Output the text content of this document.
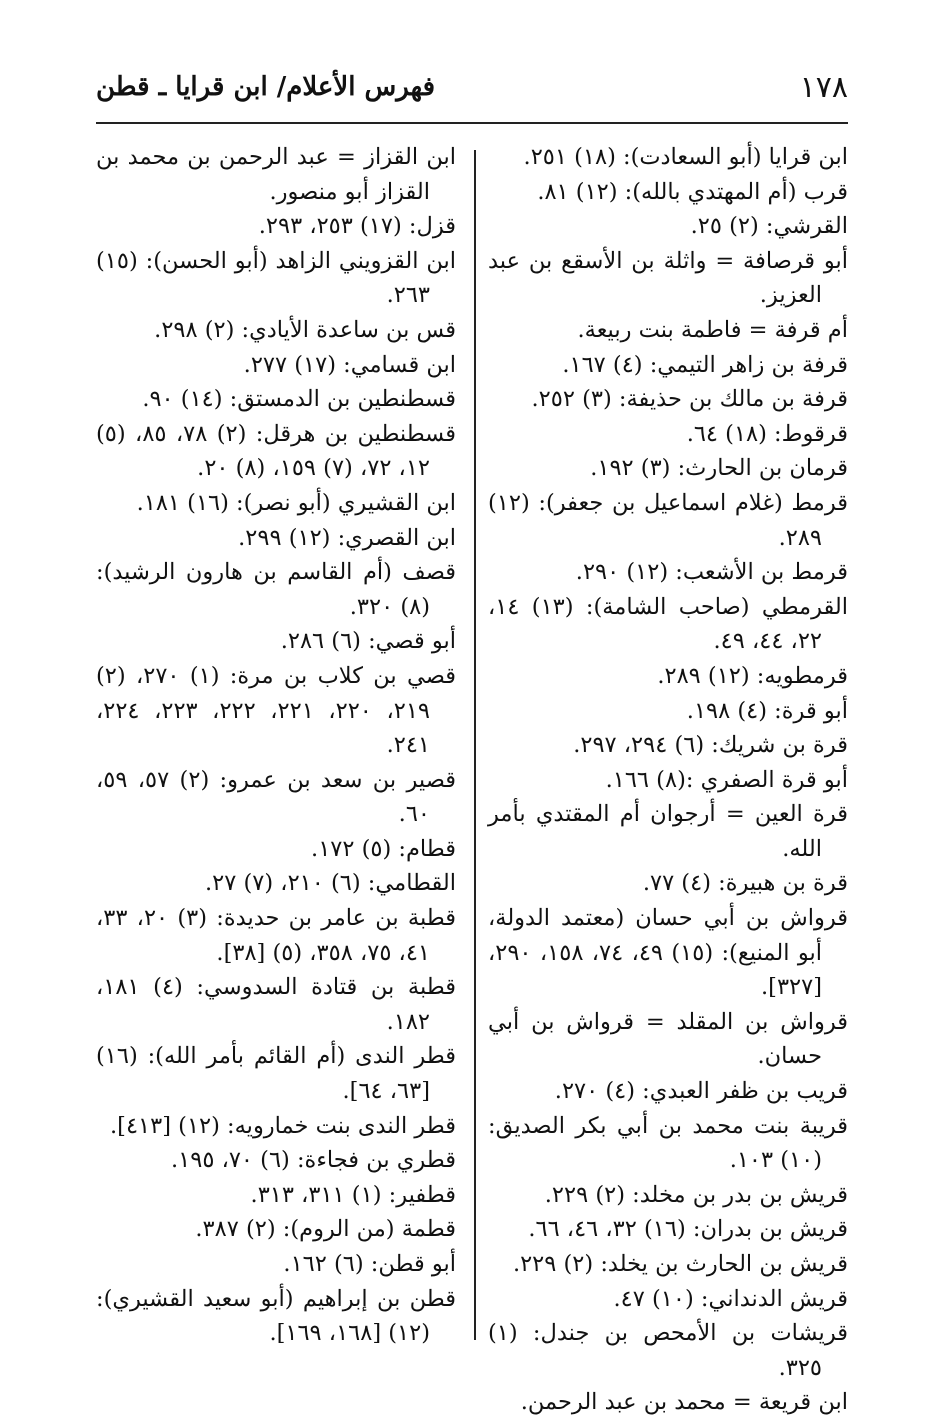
١٧٨
فهرس الأعلام/ ابن قرايا ـ قطن
ابن قرايا (أبو السعادت): (١٨) ٢٥١.
قرب (أم المهتدي بالله): (١٢) ٨١.
القرشي: (٢) ٢٥.
أبو قرصافة = واثلة بن الأسقع بن عبد العزيز.
أم قرفة = فاطمة بنت ربيعة.
قرفة بن زاهر التيمي: (٤) ١٦٧.
قرفة بن مالك بن حذيفة: (٣) ٢٥٢.
قرقوط: (١٨) ٦٤.
قرمان بن الحارث: (٣) ١٩٢.
قرمط (غلام اسماعيل بن جعفر): (١٢) ٢٨٩.
قرمط بن الأشعب: (١٢) ٢٩٠.
القرمطي (صاحب الشامة): (١٣) ١٤، ٢٢، ٤٤، ٤٩.
قرمطويه: (١٢) ٢٨٩.
أبو قرة: (٤) ١٩٨.
قرة بن شريك: (٦) ٢٩٤، ٢٩٧.
أبو قرة الصفري :(٨) ١٦٦.
قرة العين = أرجوان أم المقتدي بأمر الله.
قرة بن هبيرة: (٤) ٧٧.
قرواش بن أبي حسان (معتمد الدولة، أبو المنيع): (١٥) ٤٩، ٧٤، ١٥٨، ٢٩٠، [٣٢٧].
قرواش بن المقلد = قرواش بن أبي حسان.
قريب بن ظفر العبدي: (٤) ٢٧٠.
قريبة بنت محمد بن أبي بكر الصديق: (١٠) ١٠٣.
قريش بن بدر بن مخلد: (٢) ٢٢٩.
قريش بن بدران: (١٦) ٣٢، ٤٦، ٦٦.
قريش بن الحارث بن يخلد: (٢) ٢٢٩.
قريش الدنداني: (١٠) ٤٧.
قريشات بن الأمحص بن جندل: (١) ٣٢٥.
ابن قريعة = محمد بن عبد الرحمن.
ابن القزاز = عبد الرحمن بن محمد بن القزاز أبو منصور.
قزل: (١٧) ٢٥٣، ٢٩٣.
ابن القزويني الزاهد (أبو الحسن): (١٥) ٢٦٣.
قس بن ساعدة الأيادي: (٢) ٢٩٨.
ابن قسامي: (١٧) ٢٧٧.
قسطنطين بن الدمستق: (١٤) ٩٠.
قسطنطين بن هرقل: (٢) ٧٨، ٨٥، (٥) ١٢، ٧٢، (٧) ١٥٩، (٨) ٢٠.
ابن القشيري (أبو نصر): (١٦) ١٨١.
ابن القصري: (١٢) ٢٩٩.
قصف (أم القاسم بن هارون الرشيد): (٨) ٣٢٠.
أبو قصي: (٦) ٢٨٦.
قصي بن كلاب بن مرة: (١) ٢٧٠، (٢) ٢١٩، ٢٢٠، ٢٢١، ٢٢٢، ٢٢٣، ٢٢٤، ٢٤١.
قصير بن سعد بن عمرو: (٢) ٥٧، ٥٩، ٦٠.
قطام: (٥) ١٧٢.
القطامي: (٦) ٢١٠، (٧) ٢٧.
قطبة بن عامر بن حديدة: (٣) ٢٠، ٣٣، ٤١، ٧٥، ٣٥٨، (٥) [٣٨].
قطبة بن قتادة السدوسي: (٤) ١٨١، ١٨٢.
قطر الندى (أم القائم بأمر الله): (١٦) [٦٣، ٦٤].
قطر الندى بنت خمارويه: (١٢) [٤١٣].
قطري بن فجاءة: (٦) ٧٠، ١٩٥.
قطفير: (١) ٣١١، ٣١٣.
قطمة (من الروم): (٢) ٣٨٧.
أبو قطن: (٦) ١٦٢.
قطن بن إبراهيم (أبو سعيد القشيري): (١٢) [١٦٨، ١٦٩].
